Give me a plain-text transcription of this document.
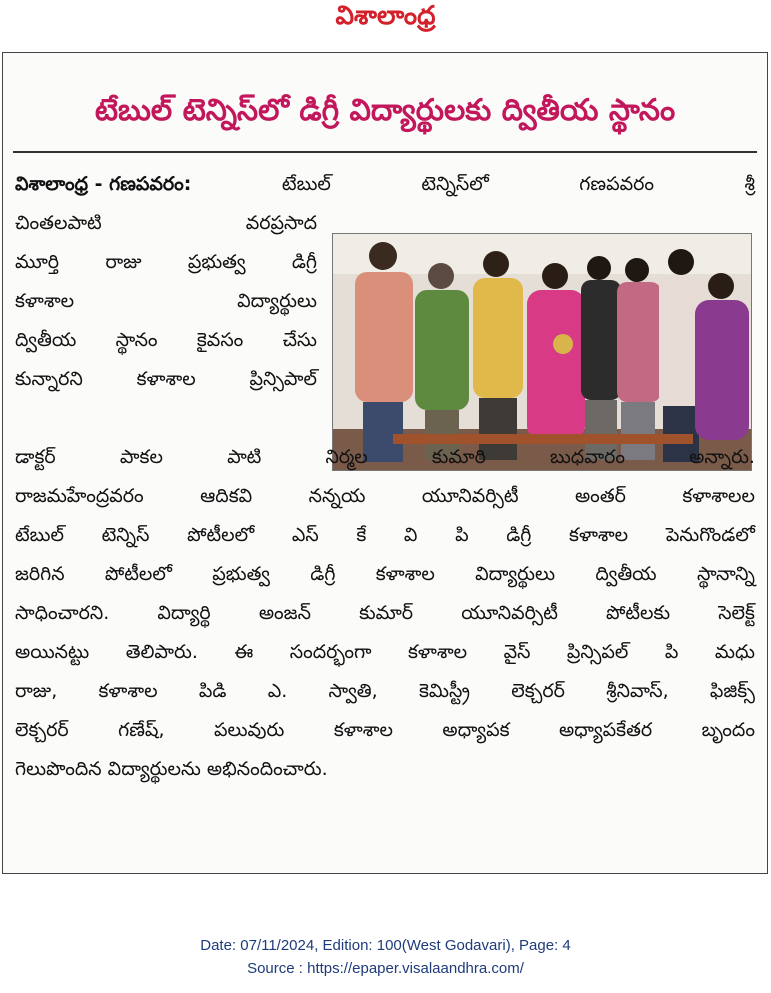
విశాలాంధ్ర
టేబుల్ టెన్నిస్‌లో డిగ్రీ విద్యార్థులకు ద్వితీయ స్థానం
విశాలాంధ్ర - గణపవరం:	టేబుల్	టెన్నిస్‌లో	గణపవరం	శ్రీ
చింతలపాటి	వరప్రసాద
మూర్తి రాజు ప్రభుత్వ డిగ్రీ
కళాశాల	విద్యార్థులు
ద్వితీయ స్థానం కైవసం చేసు
కున్నారని	కళాశాల	ప్రిన్సిపాల్
డాక్టర్	పాకల	పాటి	నిర్మల	కుమారి	బుధవారం	అన్నారు.
రాజమహేంద్రవరం	ఆదికవి	నన్నయ	యూనివర్సిటీ	అంతర్	కళాశాలల
టేబుల్ టెన్నిస్ పోటీలలో ఎస్ కే వి పి డిగ్రీ కళాశాల పెనుగొండలో
జరిగిన పోటీలలో ప్రభుత్వ డిగ్రీ కళాశాల విద్యార్థులు ద్వితీయ స్థానాన్ని
సాధించారని.	విద్యార్థి	అంజన్	కుమార్	యూనివర్సిటీ	పోటీలకు	సెలెక్ట్
అయినట్టు తెలిపారు. ఈ సందర్భంగా కళాశాల వైస్ ప్రిన్సిపల్ పి మధు
రాజు, కళాశాల పిడి ఎ. స్వాతి, కెమిస్ట్రీ లెక్చరర్ శ్రీనివాస్, ఫిజిక్స్
లెక్చరర్	గణేష్,	పలువురు	కళాశాల	అధ్యాపక	అధ్యాపకేతర	బృందం
గెలుపొందిన విద్యార్థులను అభినందించారు.
Date: 07/11/2024, Edition: 100(West Godavari), Page: 4
Source : https://epaper.visalaandhra.com/
